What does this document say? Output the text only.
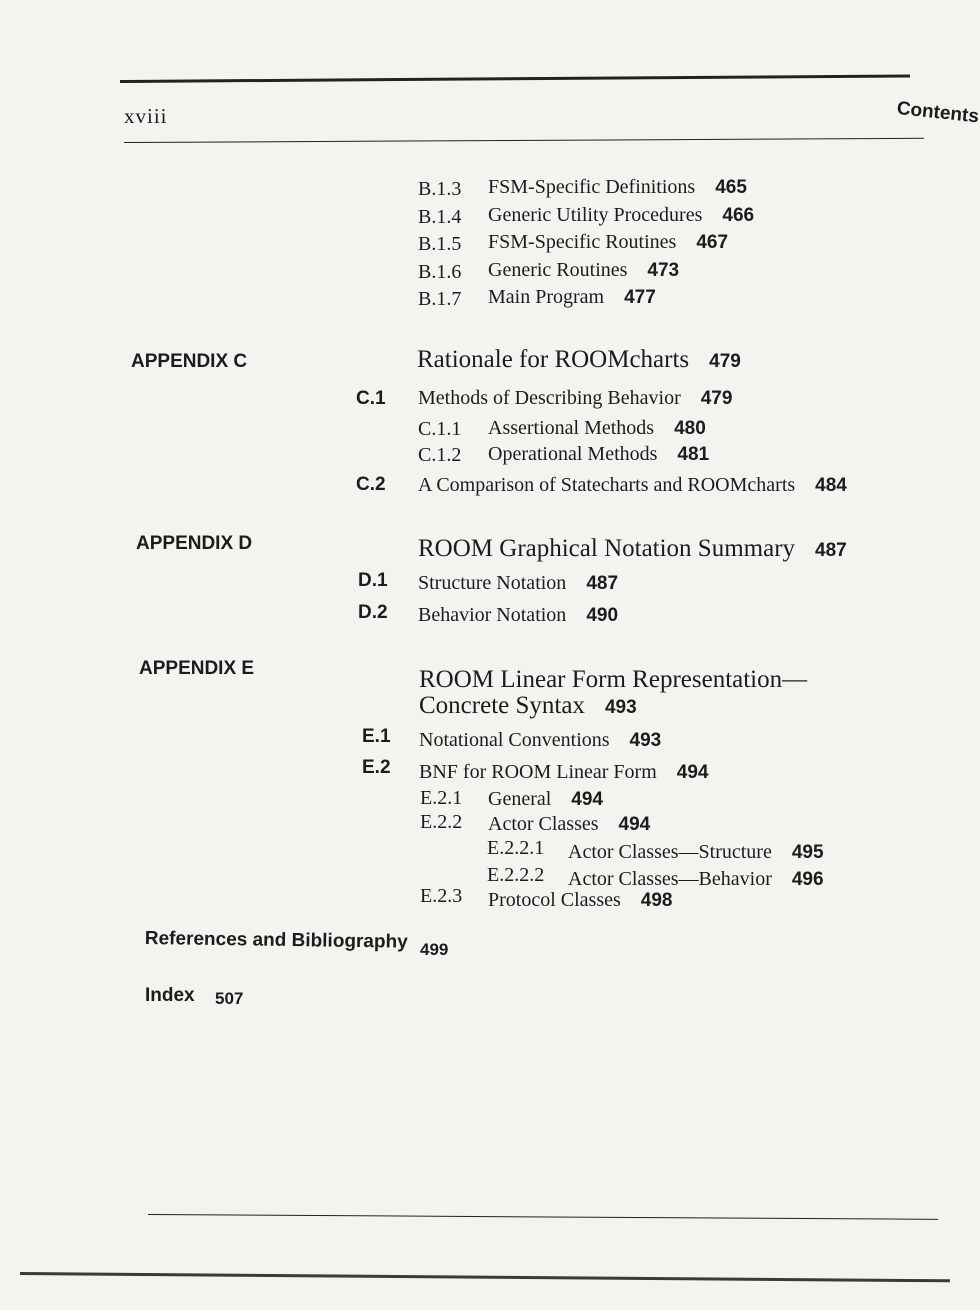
xviii	Contents
B.1.3 FSM-Specific Definitions 465
B.1.4 Generic Utility Procedures 466
B.1.5 FSM-Specific Routines 467
B.1.6 Generic Routines 473
B.1.7 Main Program 477
APPENDIX C	Rationale for ROOMcharts 479
C.1 Methods of Describing Behavior 479
C.1.1 Assertional Methods 480
C.1.2 Operational Methods 481
C.2 A Comparison of Statecharts and ROOMcharts 484
APPENDIX D	ROOM Graphical Notation Summary 487
D.1 Structure Notation 487
D.2 Behavior Notation 490
APPENDIX E	ROOM Linear Form Representation—
Concrete Syntax 493
E.1 Notational Conventions 493
E.2 BNF for ROOM Linear Form 494
E.2.1 General 494
E.2.2 Actor Classes 494
E.2.2.1 Actor Classes—Structure 495
E.2.2.2 Actor Classes—Behavior 496
E.2.3 Protocol Classes 498
References and Bibliography 499
Index 507
